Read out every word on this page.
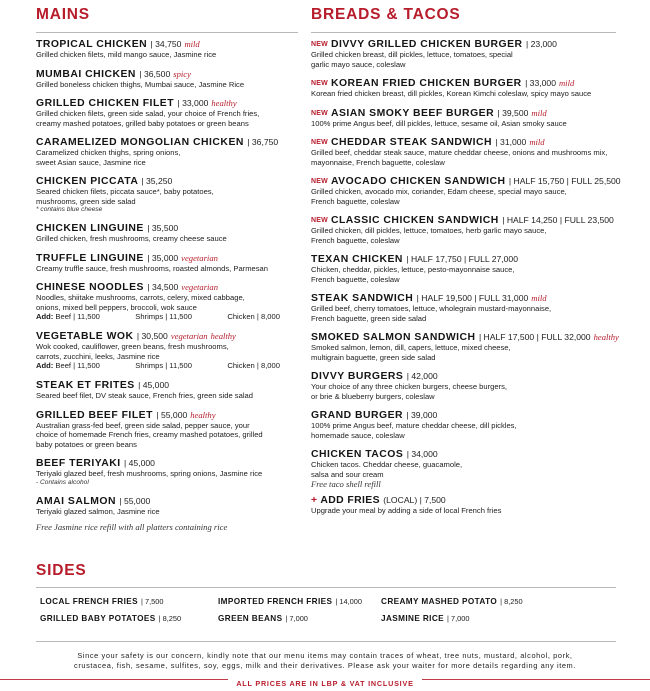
MAINS
TROPICAL CHICKEN | 34,750 mild
Grilled chicken filets, mild mango sauce, Jasmine rice
MUMBAI CHICKEN | 36,500 spicy
Grilled boneless chicken thighs, Mumbai sauce, Jasmine Rice
GRILLED CHICKEN FILET | 33,000 healthy
Grilled chicken filets, green side salad, your choice of French fries,
creamy mashed potatoes, grilled baby potatoes or green beans
CARAMELIZED MONGOLIAN CHICKEN | 36,750
Caramelized chicken thighs, spring onions,
sweet Asian sauce, Jasmine rice
CHICKEN PICCATA | 35,250
Seared chicken filets, piccata sauce*, baby potatoes,
mushrooms, green side salad
* contains blue cheese
CHICKEN LINGUINE | 35,500
Grilled chicken, fresh mushrooms, creamy cheese sauce
TRUFFLE LINGUINE | 35,000 vegetarian
Creamy truffle sauce, fresh mushrooms, roasted almonds, Parmesan
CHINESE NOODLES | 34,500 vegetarian
Noodles, shiitake mushrooms, carrots, celery, mixed cabbage,
onions, mixed bell peppers, broccoli, wok sauce
Add: Beef | 11,500	Shrimps | 11,500	Chicken | 8,000
VEGETABLE WOK | 30,500 vegetarian healthy
Wok cooked, cauliflower, green beans, fresh mushrooms,
carrots, zucchini, leeks, Jasmine rice
Add: Beef | 11,500	Shrimps | 11,500	Chicken | 8,000
STEAK ET FRITES | 45,000
Seared beef filet, DV steak sauce, French fries, green side salad
GRILLED BEEF FILET | 55,000 healthy
Australian grass-fed beef, green side salad, pepper sauce, your
choice of homemade French fries, creamy mashed potatoes, grilled
baby potatoes or green beans
BEEF TERIYAKI | 45,000
Teriyaki glazed beef, fresh mushrooms, spring onions, Jasmine rice
- Contains alcohol
AMAI SALMON | 55,000
Teriyaki glazed salmon, Jasmine rice
Free Jasmine rice refill with all platters containing rice
BREADS & TACOS
NEW DIVVY GRILLED CHICKEN BURGER | 23,000
Grilled chicken breast, dill pickles, lettuce, tomatoes, special
garlic mayo sauce, coleslaw
NEW KOREAN FRIED CHICKEN BURGER | 33,000 mild
Korean fried chicken breast, dill pickles, Korean Kimchi coleslaw, spicy mayo sauce
NEW ASIAN SMOKY BEEF BURGER | 39,500 mild
100% prime Angus beef, dill pickles, lettuce, sesame oil, Asian smoky sauce
NEW CHEDDAR STEAK SANDWICH | 31,000 mild
Grilled beef, cheddar steak sauce, mature cheddar cheese, onions and mushrooms mix,
mayonnaise, French baguette, coleslaw
NEW AVOCADO CHICKEN SANDWICH | HALF 15,750 | FULL 25,500
Grilled chicken, avocado mix, coriander, Edam cheese, special mayo sauce,
French baguette, coleslaw
NEW CLASSIC CHICKEN SANDWICH | HALF 14,250 | FULL 23,500
Grilled chicken, dill pickles, lettuce, tomatoes, herb garlic mayo sauce,
French baguette, coleslaw
TEXAN CHICKEN | HALF 17,750 | FULL 27,000
Chicken, cheddar, pickles, lettuce, pesto-mayonnaise sauce,
French baguette, coleslaw
STEAK SANDWICH | HALF 19,500 | FULL 31,000 mild
Grilled beef, cherry tomatoes, lettuce, wholegrain mustard-mayonnaise,
French baguette, green side salad
SMOKED SALMON SANDWICH | HALF 17,500 | FULL 32,000 healthy
Smoked salmon, lemon, dill, capers, lettuce, mixed cheese,
multigrain baguette, green side salad
DIVVY BURGERS | 42,000
Your choice of any three chicken burgers, cheese burgers,
or brie & blueberry burgers, coleslaw
GRAND BURGER | 39,000
100% prime Angus beef, mature cheddar cheese, dill pickles,
homemade sauce, coleslaw
CHICKEN TACOS | 34,000
Chicken tacos. Cheddar cheese, guacamole,
salsa and sour cream
Free taco shell refill
+ ADD FRIES (LOCAL) | 7,500
Upgrade your meal by adding a side of local French fries
SIDES
LOCAL FRENCH FRIES | 7,500	IMPORTED FRENCH FRIES | 14,000 CREAMY MASHED POTATO | 8,250
GRILLED BABY POTATOES | 8,250	GREEN BEANS | 7,000	JASMINE RICE | 7,000
Since your safety is our concern, kindly note that our menu items may contain traces of wheat, tree nuts, mustard, alcohol, pork,
crustacea, fish, sesame, sulfites, soy, eggs, milk and their derivatives. Please ask your waiter for more details regarding any item.
ALL PRICES ARE IN LBP & VAT INCLUSIVE
